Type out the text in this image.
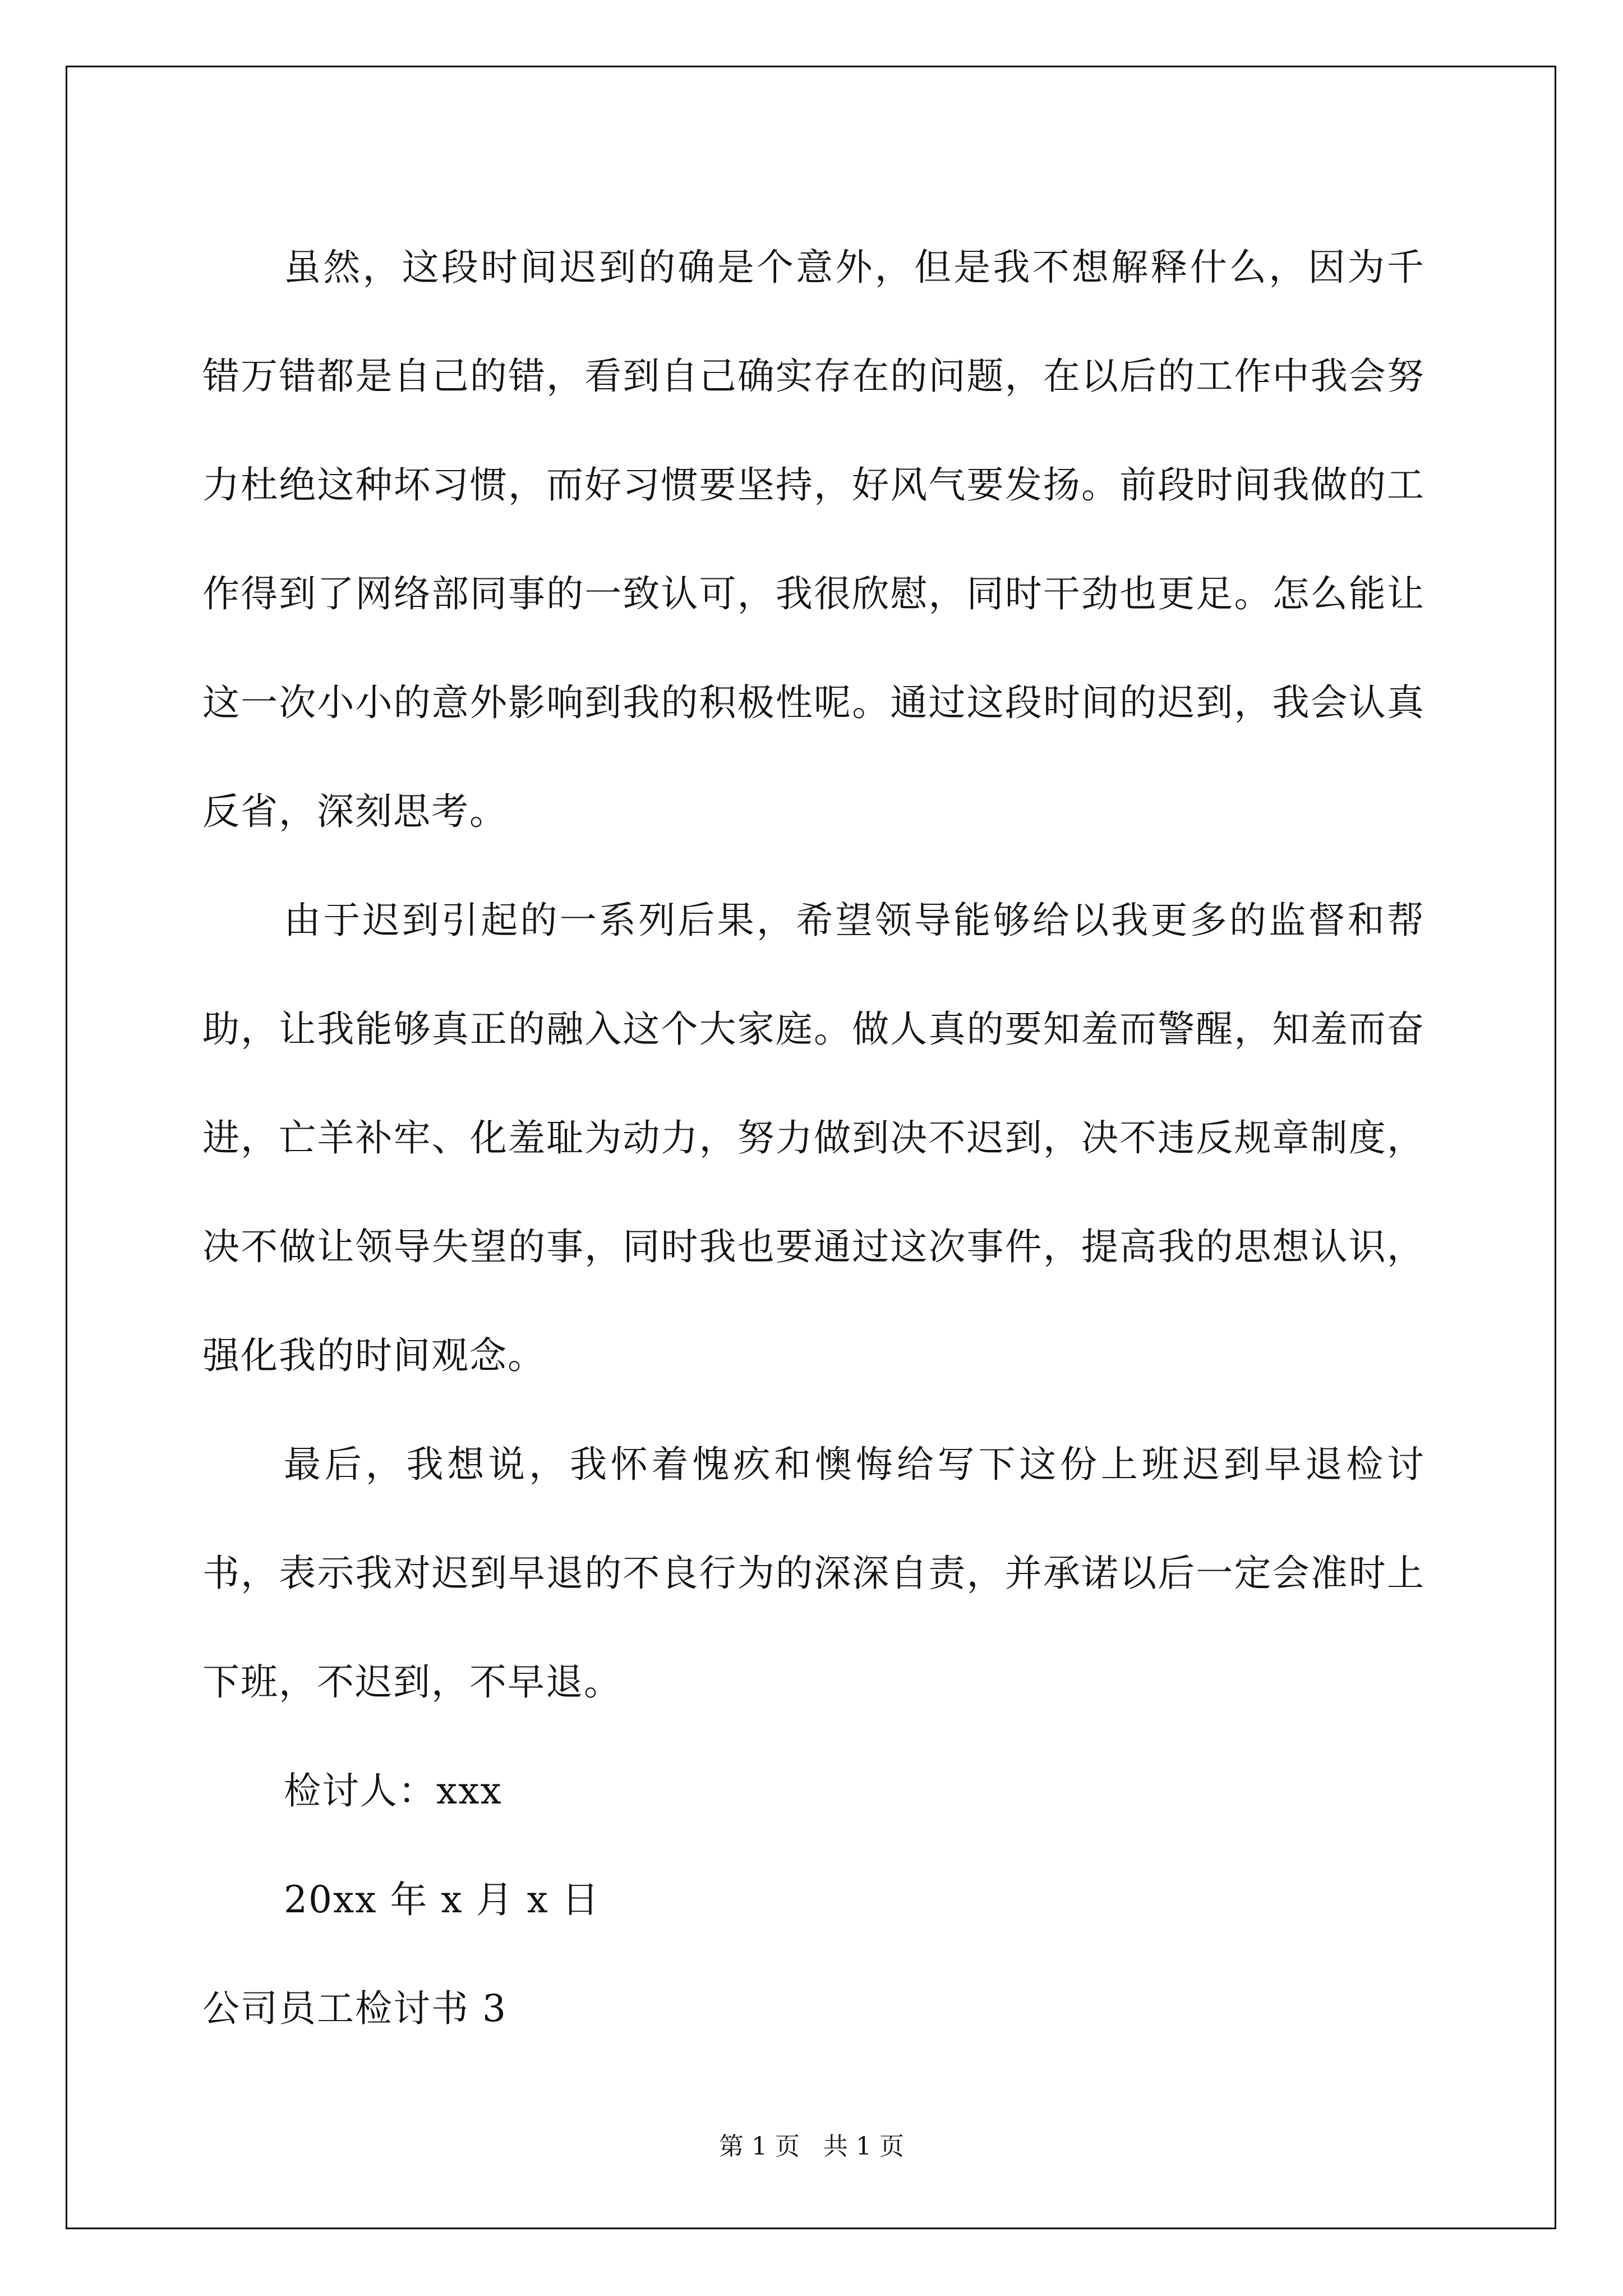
虽然，这段时间迟到的确是个意外，但是我不想解释什么，因为千错万错都是自己的错，看到自己确实存在的问题，在以后的工作中我会努力杜绝这种坏习惯，而好习惯要坚持，好风气要发扬。前段时间我做的工作得到了网络部同事的一致认可，我很欣慰，同时干劲也更足。怎么能让这一次小小的意外影响到我的积极性呢。通过这段时间的迟到，我会认真反省，深刻思考。

由于迟到引起的一系列后果，希望领导能够给以我更多的监督和帮助，让我能够真正的融入这个大家庭。做人真的要知羞而警醒，知羞而奋进，亡羊补牢、化羞耻为动力，努力做到决不迟到，决不违反规章制度，决不做让领导失望的事，同时我也要通过这次事件，提高我的思想认识，强化我的时间观念。

最后，我想说，我怀着愧疚和懊悔给写下这份上班迟到早退检讨书，表示我对迟到早退的不良行为的深深自责，并承诺以后一定会准时上下班，不迟到，不早退。

检讨人：xxx

20xx 年 x 月 x 日

公司员工检讨书 3

第 1 页   共 1 页
